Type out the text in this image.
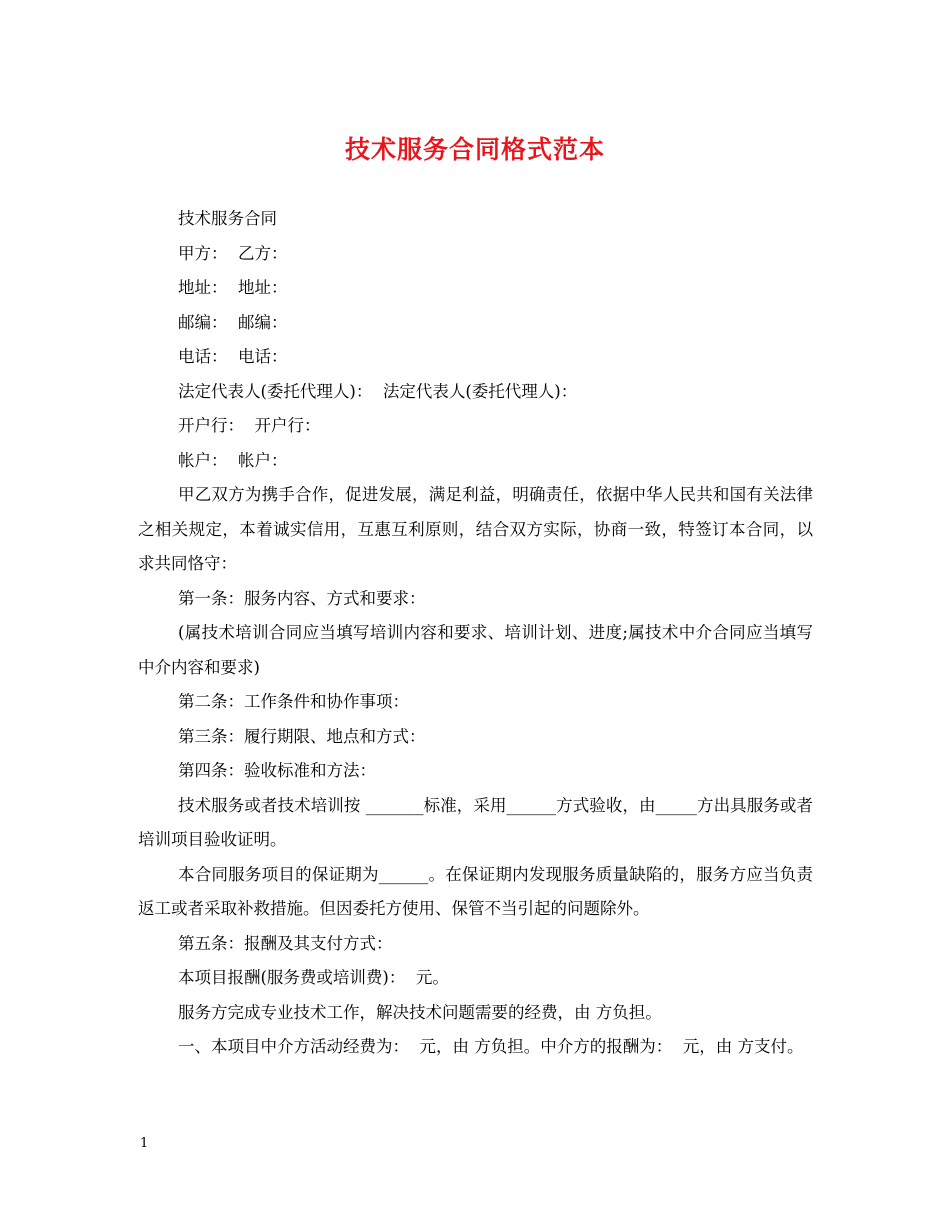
技术服务合同格式范本

技术服务合同

甲方：  乙方：

地址：  地址：

邮编：  邮编：

电话：  电话：

法定代表人(委托代理人)：  法定代表人(委托代理人)：

开户行：  开户行：

帐户：  帐户：

甲乙双方为携手合作，促进发展，满足利益，明确责任，依据中华人民共和国有关法律之相关规定，本着诚实信用，互惠互利原则，结合双方实际，协商一致，特签订本合同，以求共同恪守：

第一条：服务内容、方式和要求：

(属技术培训合同应当填写培训内容和要求、培训计划、进度;属技术中介合同应当填写中介内容和要求)

第二条：工作条件和协作事项：

第三条：履行期限、地点和方式：

第四条：验收标准和方法：

技术服务或者技术培训按 _______标准，采用______方式验收，由_____方出具服务或者培训项目验收证明。

本合同服务项目的保证期为______。在保证期内发现服务质量缺陷的，服务方应当负责返工或者采取补救措施。但因委托方使用、保管不当引起的问题除外。

第五条：报酬及其支付方式：

本项目报酬(服务费或培训费)：  元。

服务方完成专业技术工作，解决技术问题需要的经费，由 方负担。

一、本项目中介方活动经费为：  元，由 方负担。中介方的报酬为：  元，由 方支付。

1
